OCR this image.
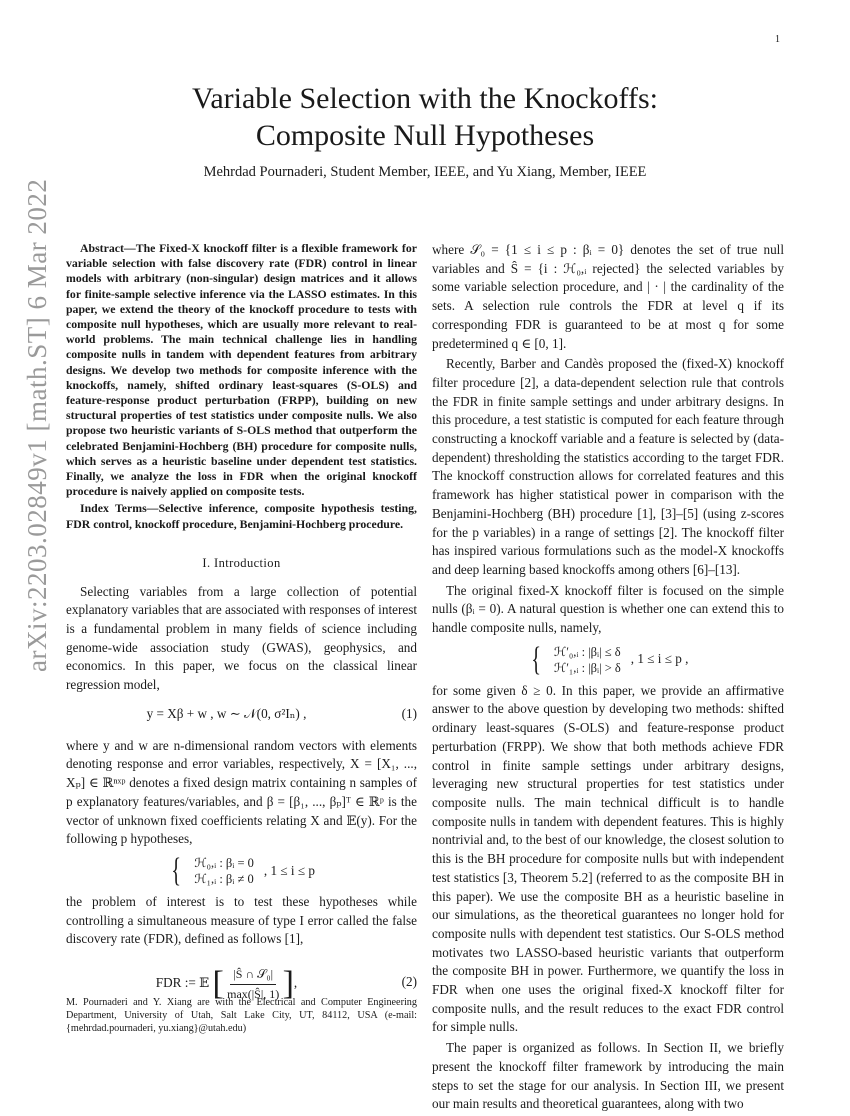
1
arXiv:2203.02849v1 [math.ST] 6 Mar 2022
Variable Selection with the Knockoffs:
Composite Null Hypotheses
Mehrdad Pournaderi, Student Member, IEEE, and Yu Xiang, Member, IEEE

Abstract—The Fixed-X knockoff filter is a flexible framework for variable selection with false discovery rate (FDR) control in linear models with arbitrary (non-singular) design matrices and it allows for finite-sample selective inference via the LASSO estimates. In this paper, we extend the theory of the knockoff procedure to tests with composite null hypotheses, which are usually more relevant to real-world problems. The main technical challenge lies in handling composite nulls in tandem with dependent features from arbitrary designs. We develop two methods for composite inference with the knockoffs, namely, shifted ordinary least-squares (S-OLS) and feature-response product perturbation (FRPP), building on new structural properties of test statistics under composite nulls. We also propose two heuristic variants of S-OLS method that outperform the celebrated Benjamini-Hochberg (BH) procedure for composite nulls, which serves as a heuristic baseline under dependent test statistics. Finally, we analyze the loss in FDR when the original knockoff procedure is naively applied on composite tests.

Index Terms—Selective inference, composite hypothesis testing, FDR control, knockoff procedure, Benjamini-Hochberg procedure.

I. Introduction

Selecting variables from a large collection of potential explanatory variables that are associated with responses of interest is a fundamental problem in many fields of science including genome-wide association study (GWAS), geophysics, and economics. In this paper, we focus on the classical linear regression model,

y = Xβ + w , w ∼ 𝒩(0, σ²Iₙ) ,	(1)

where y and w are n-dimensional random vectors with elements denoting response and error variables, respectively, X = [X₁, ..., Xₚ] ∈ ℝⁿˣᵖ denotes a fixed design matrix containing n samples of p explanatory features/variables, and β = [β₁, ..., βₚ]ᵀ ∈ ℝᵖ is the vector of unknown fixed coefficients relating X and 𝔼(y). For the following p hypotheses,

{ ℋ₀,ᵢ : βᵢ = 0
ℋ₁,ᵢ : βᵢ ≠ 0
, 1 ≤ i ≤ p

the problem of interest is to test these hypotheses while controlling a simultaneous measure of type I error called the false discovery rate (FDR), defined as follows [1],

FDR := 𝔼 [ $\frac{\text{|Ŝ ∩ 𝒮₀|}}{\max(|Ŝ|, 1)}$ ],	(2)
M. Pournaderi and Y. Xiang are with the Electrical and Computer Engineering Department, University of Utah, Salt Lake City, UT, 84112, USA (e-mail: {mehrdad.pournaderi, yu.xiang}@utah.edu)

where 𝒮₀ = {1 ≤ i ≤ p : βᵢ = 0} denotes the set of true null variables and Ŝ = {i : ℋ₀,ᵢ rejected} the selected variables by some variable selection procedure, and | · | the cardinality of the sets. A selection rule controls the FDR at level q if its corresponding FDR is guaranteed to be at most q for some predetermined q ∈ [0, 1].

Recently, Barber and Candès proposed the (fixed-X) knockoff filter procedure [2], a data-dependent selection rule that controls the FDR in finite sample settings and under arbitrary designs. In this procedure, a test statistic is computed for each feature through constructing a knockoff variable and a feature is selected by (data-dependent) thresholding the statistics according to the target FDR. The knockoff construction allows for correlated features and this framework has higher statistical power in comparison with the Benjamini-Hochberg (BH) procedure [1], [3]–[5] (using z-scores for the p variables) in a range of settings [2]. The knockoff filter has inspired various formulations such as the model-X knockoffs and deep learning based knockoffs among others [6]–[13].

The original fixed-X knockoff filter is focused on the simple nulls (βᵢ = 0). A natural question is whether one can extend this to handle composite nulls, namely,

{ ℋ′₀,ᵢ : |βᵢ| ≤ δ
ℋ′₁,ᵢ : |βᵢ| > δ
, 1 ≤ i ≤ p ,

for some given δ ≥ 0. In this paper, we provide an affirmative answer to the above question by developing two methods: shifted ordinary least-squares (S-OLS) and feature-response product perturbation (FRPP). We show that both methods achieve FDR control in finite sample settings under arbitrary designs, leveraging new structural properties for test statistics under composite nulls. The main technical difficult is to handle composite nulls in tandem with dependent features. This is highly nontrivial and, to the best of our knowledge, the closest solution to this is the BH procedure for composite nulls but with independent test statistics [3, Theorem 5.2] (referred to as the composite BH in this paper). We use the composite BH as a heuristic baseline in our simulations, as the theoretical guarantees no longer hold for composite nulls with dependent test statistics. Our S-OLS method motivates two LASSO-based heuristic variants that outperform the composite BH in power. Furthermore, we quantify the loss in FDR when one uses the original fixed-X knockoff filter for composite nulls, and the result reduces to the exact FDR control for simple nulls.

The paper is organized as follows. In Section II, we briefly present the knockoff filter framework by introducing the main steps to set the stage for our analysis. In Section III, we present our main results and theoretical guarantees, along with two
